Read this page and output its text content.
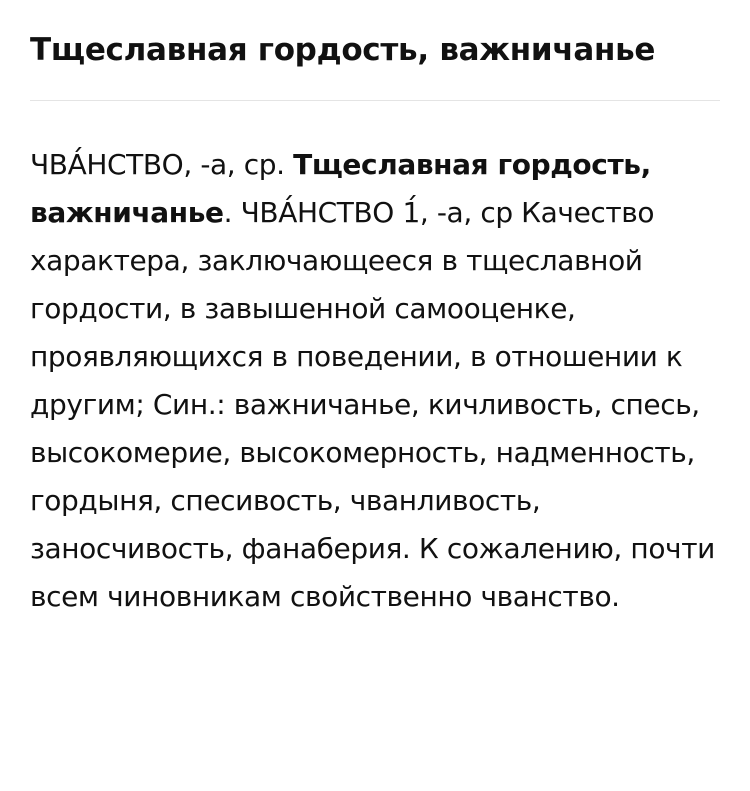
Тщеславная гордость, важничанье

ЧВА́НСТВО, -а, ср. Тщеславная гордость, важничанье. ЧВА́НСТВО 1́, -а, ср Качество характера, заключающееся в тщеславной гордости, в завышенной самооценке, проявляющихся в поведении, в отношении к другим; Син.: важничанье, кичливость, спесь, высокомерие, высокомерность, надменность, гордыня, спесивость, чванливость, заносчивость, фанаберия. К сожалению, почти всем чиновникам свойственно чванство.
